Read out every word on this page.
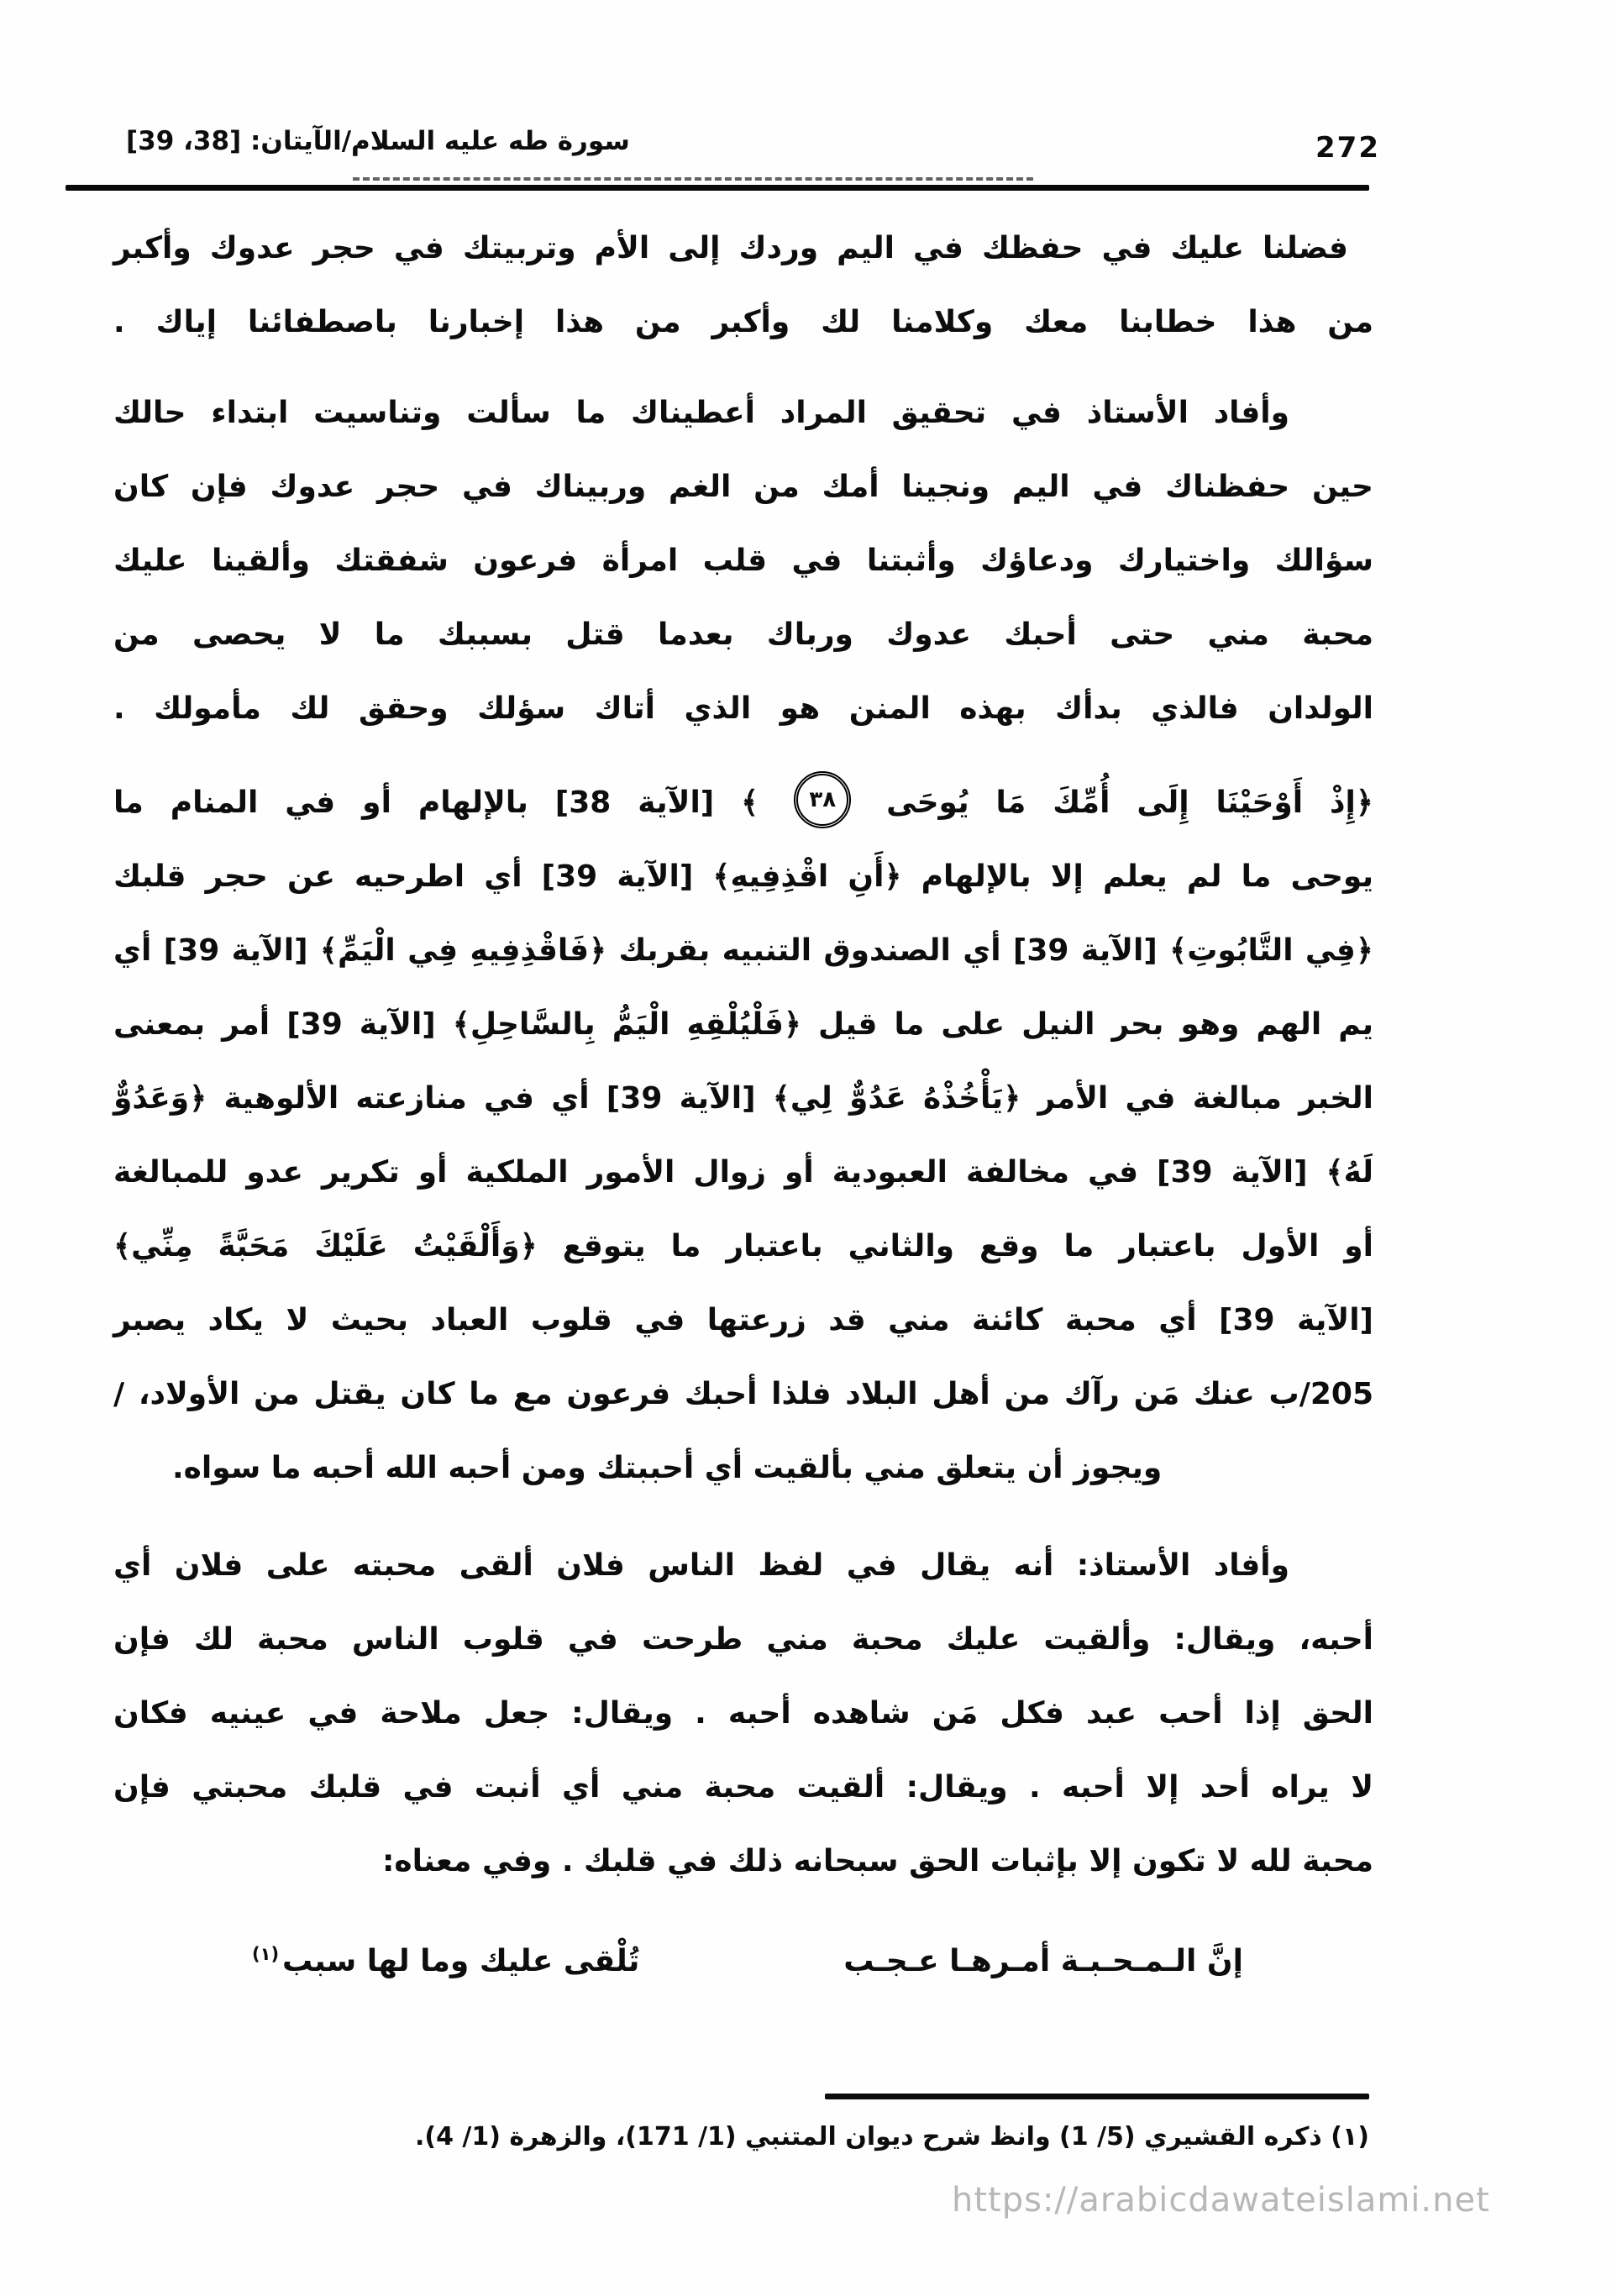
سورة طه عليه السلام/الآيتان: [38، 39]	272
فضلنا عليك في حفظك في اليم وردك إلى الأم وتربيتك في حجر عدوك وأكبر
من هذا خطابنا معك وكلامنا لك وأكبر من هذا إخبارنا باصطفائنا إياك .
وأفاد الأستاذ في تحقيق المراد أعطيناك ما سألت وتناسيت ابتداء حالك
حين حفظناك في اليم ونجينا أمك من الغم وربيناك في حجر عدوك فإن كان
سؤالك واختيارك ودعاؤك وأثبتنا في قلب امرأة فرعون شفقتك وألقينا عليك
محبة مني حتى أحبك عدوك ورباك بعدما قتل بسببك ما لا يحصى من
الولدان فالذي بدأك بهذه المنن هو الذي أتاك سؤلك وحقق لك مأمولك .
﴿إِذْ أَوْحَيْنَا إِلَى أُمِّكَ مَا يُوحَى ٣٨ ﴾ [الآية 38] بالإلهام أو في المنام ما
يوحى ما لم يعلم إلا بالإلهام ﴿أَنِ اقْذِفِيهِ﴾ [الآية 39] أي اطرحيه عن حجر قلبك
﴿فِي التَّابُوتِ﴾ [الآية 39] أي الصندوق التنبيه بقربك ﴿فَاقْذِفِيهِ فِي الْيَمِّ﴾ [الآية 39] أي
يم الهم وهو بحر النيل على ما قيل ﴿فَلْيُلْقِهِ الْيَمُّ بِالسَّاحِلِ﴾ [الآية 39] أمر بمعنى
الخبر مبالغة في الأمر ﴿يَأْخُذْهُ عَدُوٌّ لِي﴾ [الآية 39] أي في منازعته الألوهية ﴿وَعَدُوٌّ
لَهُ﴾ [الآية 39] في مخالفة العبودية أو زوال الأمور الملكية أو تكرير عدو للمبالغة
أو الأول باعتبار ما وقع والثاني باعتبار ما يتوقع ﴿وَأَلْقَيْتُ عَلَيْكَ مَحَبَّةً مِنِّي﴾
[الآية 39] أي محبة كائنة مني قد زرعتها في قلوب العباد بحيث لا يكاد يصبر
205/ب عنك مَن رآك من أهل البلاد فلذا أحبك فرعون مع ما كان يقتل من الأولاد، /
ويجوز أن يتعلق مني بألقيت أي أحببتك ومن أحبه الله أحبه ما سواه.
وأفاد الأستاذ: أنه يقال في لفظ الناس فلان ألقى محبته على فلان أي
أحبه، ويقال: وألقيت عليك محبة مني طرحت في قلوب الناس محبة لك فإن
الحق إذا أحب عبد فكل مَن شاهده أحبه . ويقال: جعل ملاحة في عينيه فكان
لا يراه أحد إلا أحبه . ويقال: ألقيت محبة مني أي أنبت في قلبك محبتي فإن
محبة لله لا تكون إلا بإثبات الحق سبحانه ذلك في قلبك . وفي معناه:
إنَّ الـمـحـبـة أمـرهـا عـجـب
تُلْقى عليك وما لها سبب$^{(١)}$
(١) ذكره القشيري (5/ 1) وانظ شرح ديوان المتنبي (1/ 171)، والزهرة (1/ 4).
https://arabicdawateislami.net
